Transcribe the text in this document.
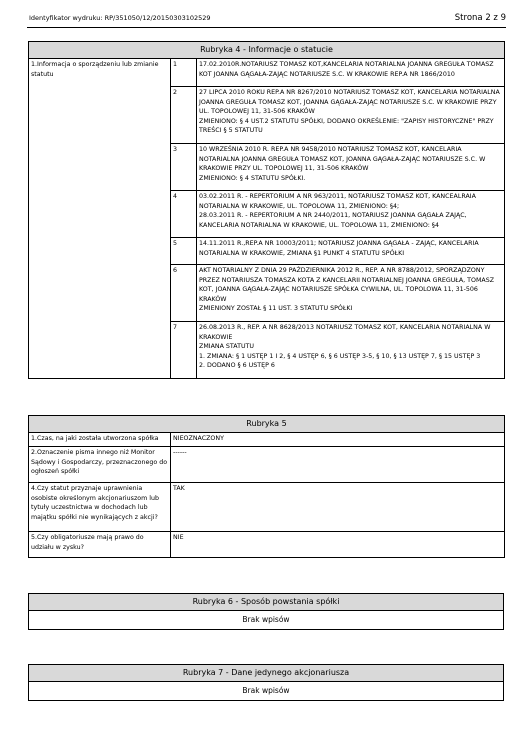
Identyfikator wydruku: RP/351050/12/20150303102529	Strona 2 z 9
Rubryka 4 - Informacje o statucie		
1.Informacja o sporządzeniu lub zmianie statutu	1	17.02.2010R.NOTARIUSZ TOMASZ KOT,KANCELARIA NOTARIALNA JOANNA GREGUŁA TOMASZ KOT JOANNA GĄGAŁA-ZAJĄC NOTARIUSZE S.C. W KRAKOWIE REP.A NR 1866/2010

	2	27 LIPCA 2010 ROKU REP.A NR 8267/2010 NOTARIUSZ TOMASZ KOT, KANCELARIA NOTARIALNA JOANNA GREGUŁA TOMASZ KOT, JOANNA GĄGAŁA-ZAJĄC NOTARIUSZE S.C. W KRAKOWIE PRZY UL. TOPOLOWEJ 11, 31-506 KRAKÓW
ZMIENIONO: § 4 UST.2 STATUTU SPÓŁKI, DODANO OKREŚLENIE: "ZAPISY HISTORYCZNE" PRZY TREŚCI § 5 STATUTU

	3	10 WRZEŚNIA 2010 R. REP.A NR 9458/2010 NOTARIUSZ TOMASZ KOT, KANCELARIA NOTARIALNA JOANNA GREGUŁA TOMASZ KOT, JOANNA GĄGAŁA-ZAJĄC NOTARIUSZE S.C. W KRAKOWIE PRZY UL. TOPOLOWEJ 11, 31-506 KRAKÓW
ZMIENIONO: § 4 STATUTU SPÓŁKI.

	4	03.02.2011 R. - REPERTORIUM A NR 963/2011, NOTARIUSZ TOMASZ KOT, KANCEALRAIA NOTARIALNA W KRAKOWIE, UL. TOPOLOWA 11, ZMIENIONO: §4;
28.03.2011 R. - REPERTORIUM A NR 2440/2011, NOTARIUSZ JOANNA GĄGAŁA ZAJĄC, KANCELARIA NOTARIALNA W KRAKOWIE, UL. TOPOLOWA 11, ZMIENIONO: §4

	5	14.11.2011 R.,REP.A NR 10003/2011; NOTARIUSZ JOANNA GĄGAŁA - ZAJĄC, KANCELARIA NOTARIALNA W KRAKOWIE, ZMIANA §1 PUNKT 4 STATUTU SPÓŁKI

	6	AKT NOTARIALNY Z DNIA 29 PAŹDZIERNIKA 2012 R., REP. A NR 8788/2012, SPORZĄDZONY PRZEZ NOTARIUSZA TOMASZA KOTA Z KANCELARII NOTARIALNEJ JOANNA GREGUŁA, TOMASZ KOT, JOANNA GĄGAŁA-ZAJĄC NOTARIUSZE SPÓŁKA CYWILNA, UL. TOPOLOWA 11, 31-506 KRAKÓW
ZMIENIONY ZOSTAŁ § 11 UST. 3 STATUTU SPÓŁKI

	7	26.08.2013 R., REP. A NR 8628/2013 NOTARIUSZ TOMASZ KOT, KANCELARIA NOTARIALNA W KRAKOWIE
ZMIANA STATUTU
1. ZMIANA: § 1 USTĘP 1 I 2, § 4 USTĘP 6, § 6 USTĘP 3-5, § 10, § 13 USTĘP 7, § 15 USTĘP 3
2. DODANO § 6 USTĘP 6
Rubryka 5	
1.Czas, na jaki została utworzona spółka	NIEOZNACZONY
2.Oznaczenie pisma innego niż Monitor Sądowy i Gospodarczy, przeznaczonego do ogłoszeń spółki	------
4.Czy statut przyznaje uprawnienia osobiste określonym akcjonariuszom lub tytuły uczestnictwa w dochodach lub majątku spółki nie wynikających z akcji?	TAK
5.Czy obligatoriusze mają prawo do udziału w zysku?	NIE
Rubryka 6 - Sposób powstania spółki
Brak wpisów
Rubryka 7 - Dane jedynego akcjonariusza
Brak wpisów
